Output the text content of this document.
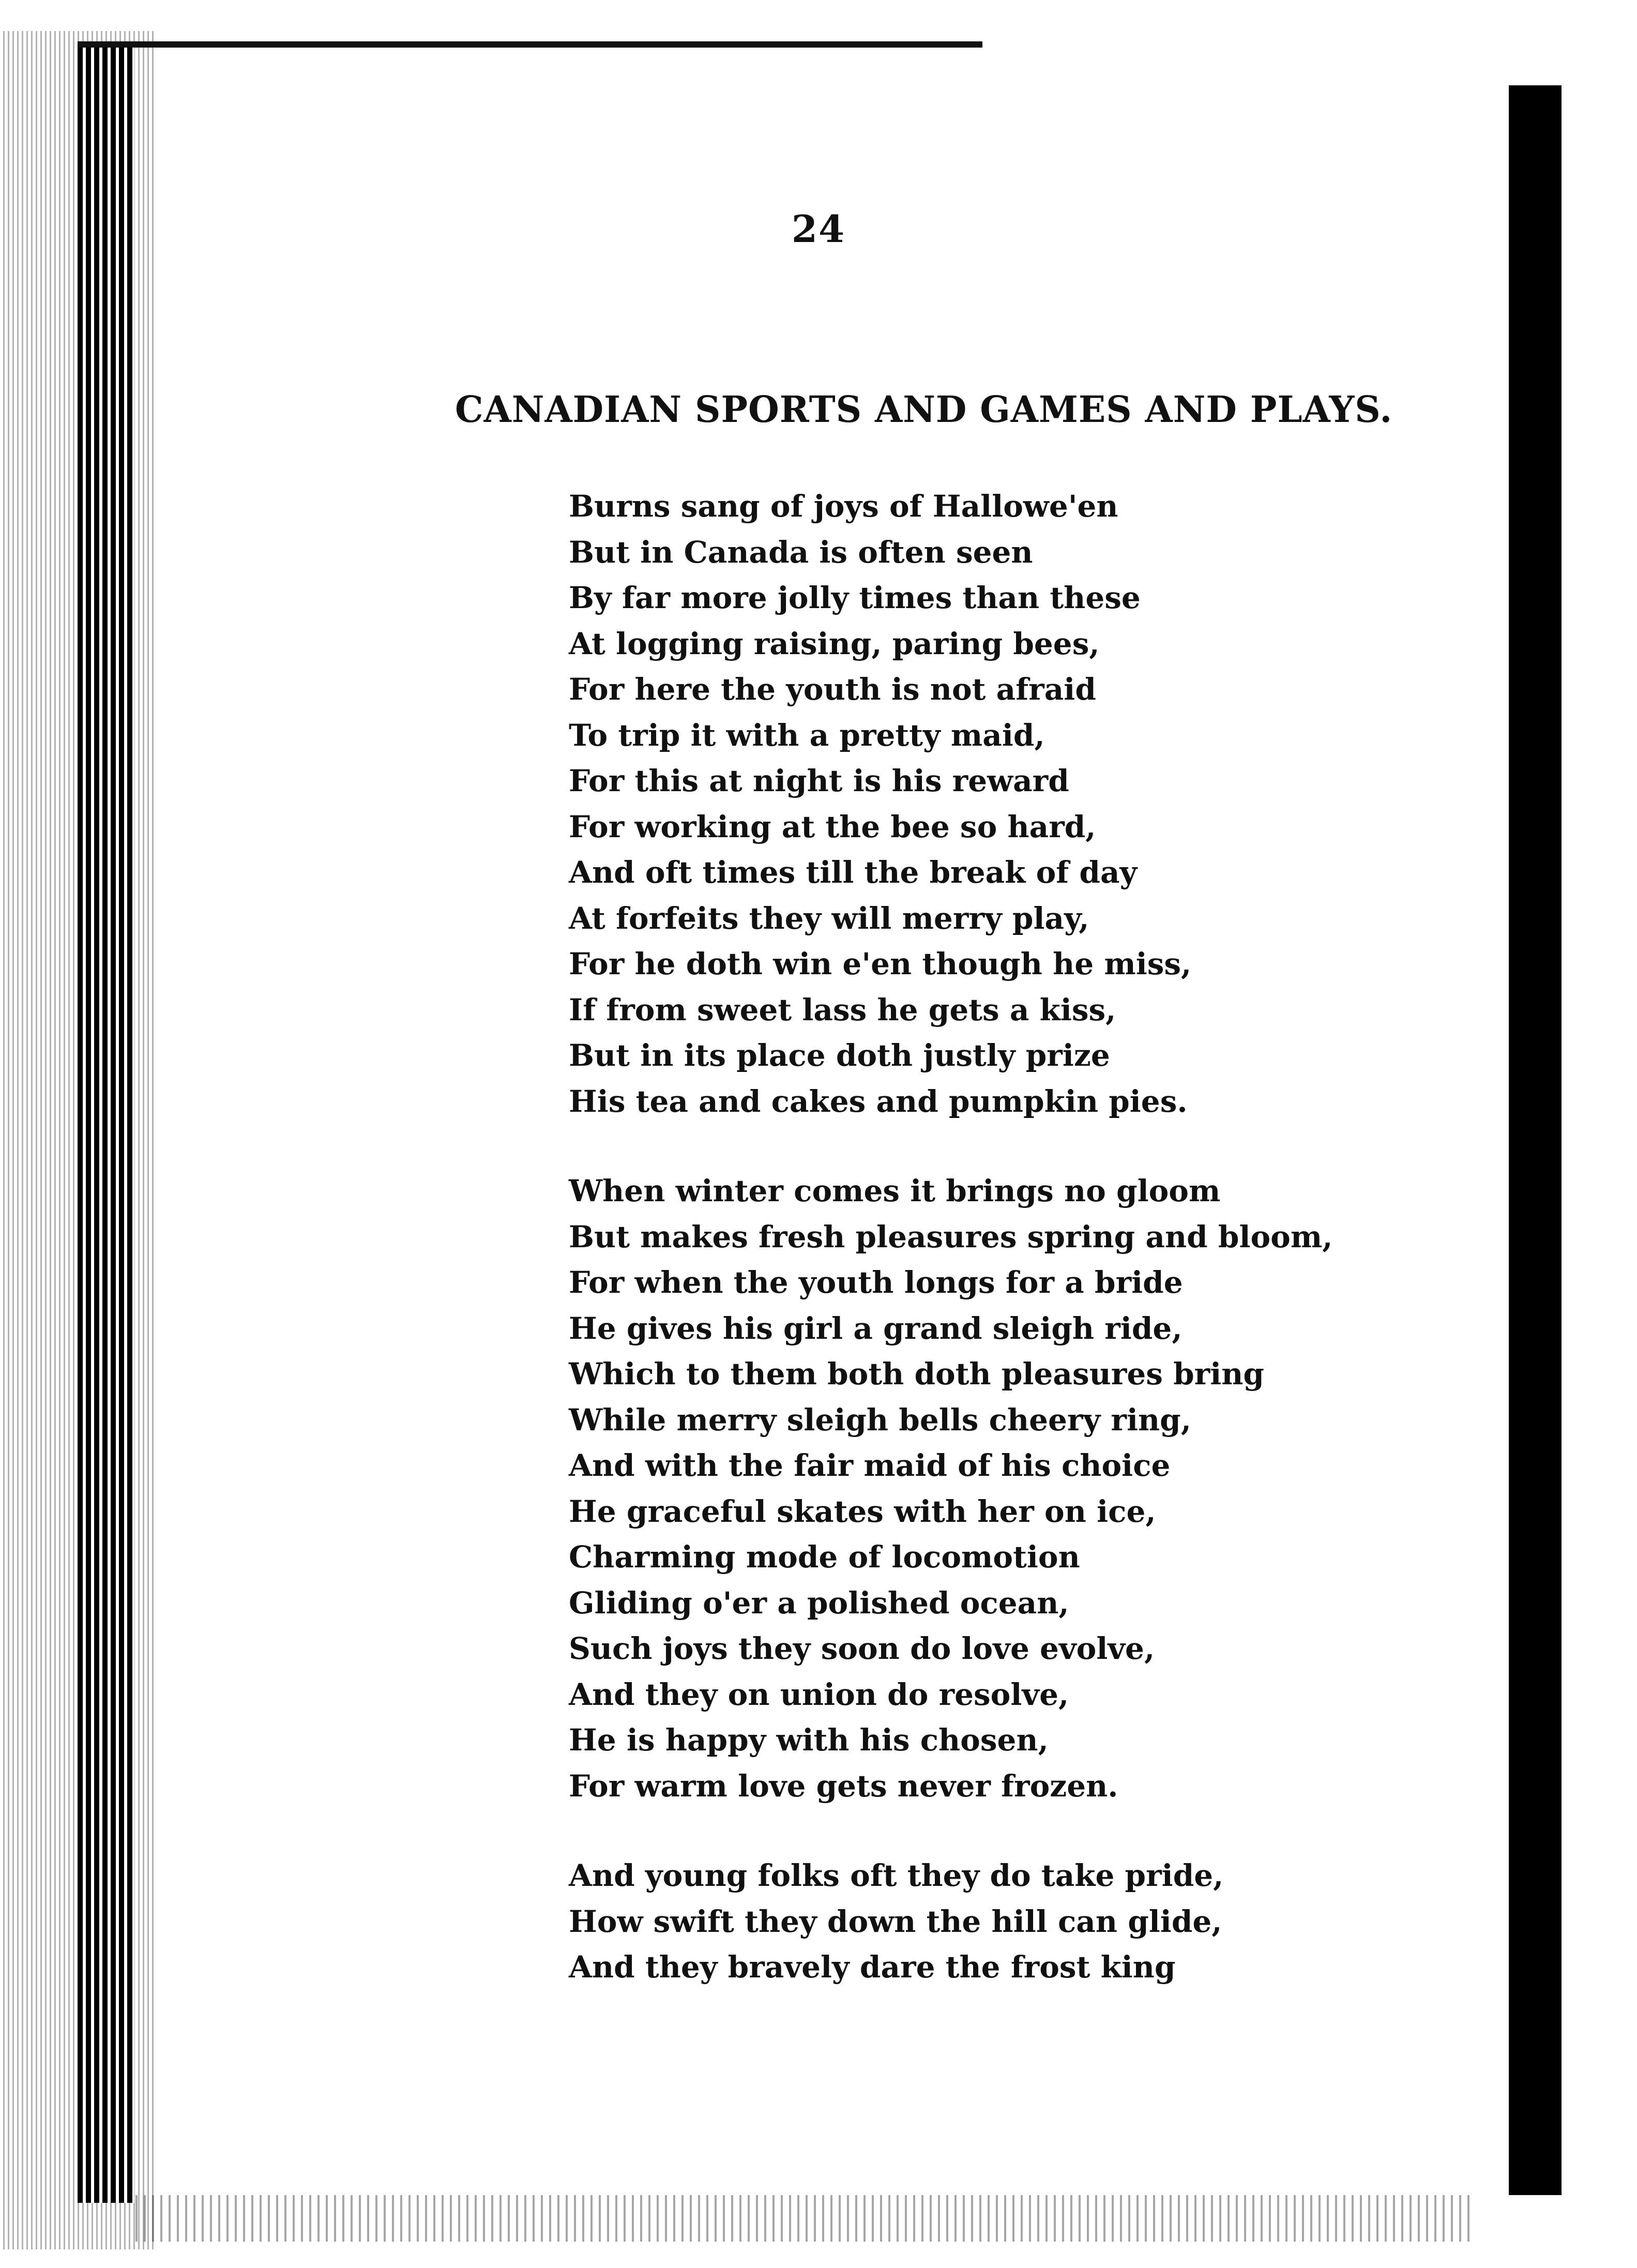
24
CANADIAN SPORTS AND GAMES AND PLAYS.
Burns sang of joys of Hallowe'en
But in Canada is often seen
By far more jolly times than these
At logging raising, paring bees,
For here the youth is not afraid
To trip it with a pretty maid,
For this at night is his reward
For working at the bee so hard,
And oft times till the break of day
At forfeits they will merry play,
For he doth win e'en though he miss,
If from sweet lass he gets a kiss,
But in its place doth justly prize
His tea and cakes and pumpkin pies.
When winter comes it brings no gloom
But makes fresh pleasures spring and bloom,
For when the youth longs for a bride
He gives his girl a grand sleigh ride,
Which to them both doth pleasures bring
While merry sleigh bells cheery ring,
And with the fair maid of his choice
He graceful skates with her on ice,
Charming mode of locomotion
Gliding o'er a polished ocean,
Such joys they soon do love evolve,
And they on union do resolve,
He is happy with his chosen,
For warm love gets never frozen.
And young folks oft they do take pride,
How swift they down the hill can glide,
And they bravely dare the frost king
